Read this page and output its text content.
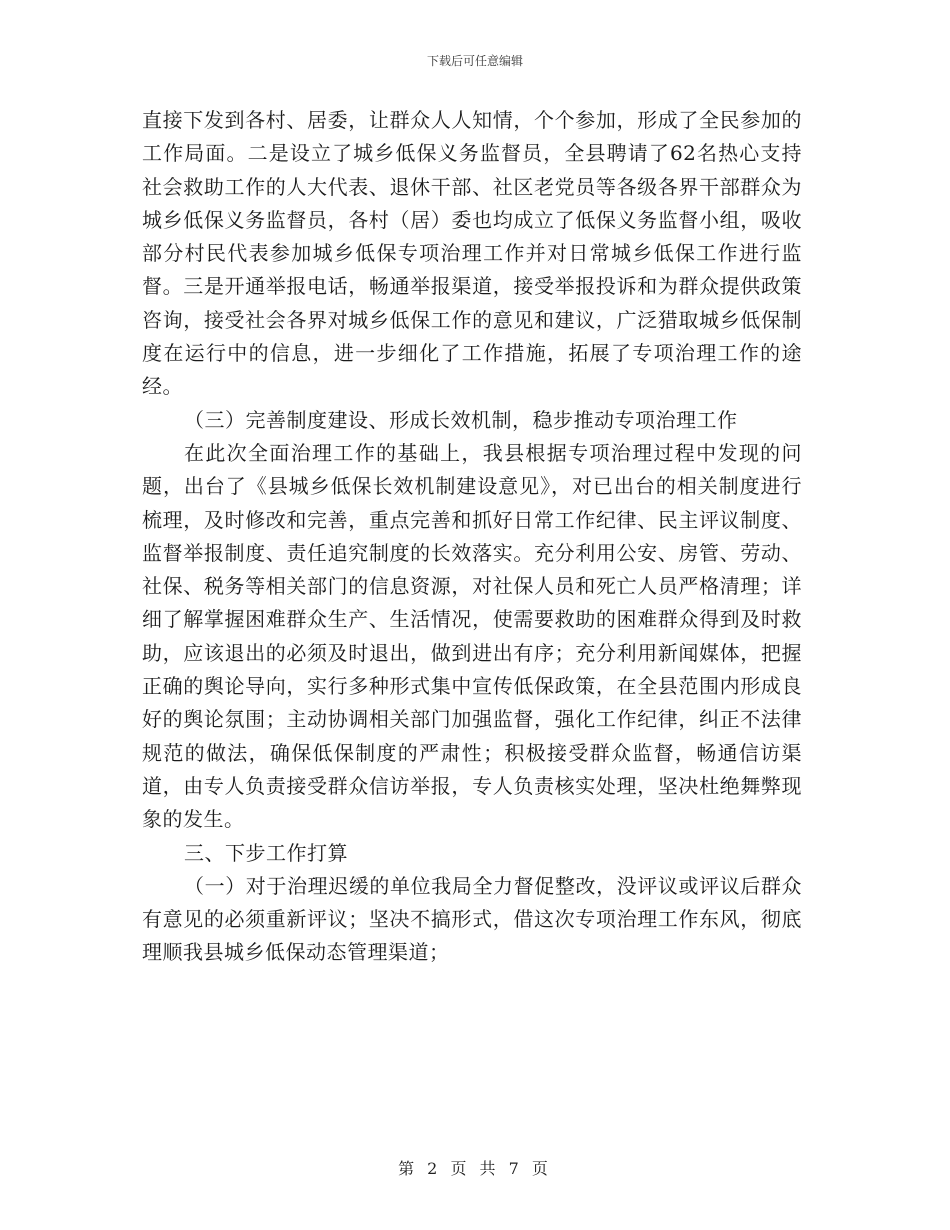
下载后可任意编辑

直接下发到各村、居委，让群众人人知情，个个参加，形成了全民参加的工作局面。二是设立了城乡低保义务监督员，全县聘请了62名热心支持社会救助工作的人大代表、退休干部、社区老党员等各级各界干部群众为城乡低保义务监督员，各村（居）委也均成立了低保义务监督小组，吸收部分村民代表参加城乡低保专项治理工作并对日常城乡低保工作进行监督。三是开通举报电话，畅通举报渠道，接受举报投诉和为群众提供政策咨询，接受社会各界对城乡低保工作的意见和建议，广泛猎取城乡低保制度在运行中的信息，进一步细化了工作措施，拓展了专项治理工作的途经。

（三）完善制度建设、形成长效机制，稳步推动专项治理工作

在此次全面治理工作的基础上，我县根据专项治理过程中发现的问题，出台了《县城乡低保长效机制建设意见》，对已出台的相关制度进行梳理，及时修改和完善，重点完善和抓好日常工作纪律、民主评议制度、监督举报制度、责任追究制度的长效落实。充分利用公安、房管、劳动、社保、税务等相关部门的信息资源，对社保人员和死亡人员严格清理；详细了解掌握困难群众生产、生活情况，使需要救助的困难群众得到及时救助，应该退出的必须及时退出，做到进出有序；充分利用新闻媒体，把握正确的舆论导向，实行多种形式集中宣传低保政策，在全县范围内形成良好的舆论氛围；主动协调相关部门加强监督，强化工作纪律，纠正不法律规范的做法，确保低保制度的严肃性；积极接受群众监督，畅通信访渠道，由专人负责接受群众信访举报，专人负责核实处理，坚决杜绝舞弊现象的发生。

三、下步工作打算

（一）对于治理迟缓的单位我局全力督促整改，没评议或评议后群众有意见的必须重新评议；坚决不搞形式，借这次专项治理工作东风，彻底理顺我县城乡低保动态管理渠道；

第 2 页 共 7 页
